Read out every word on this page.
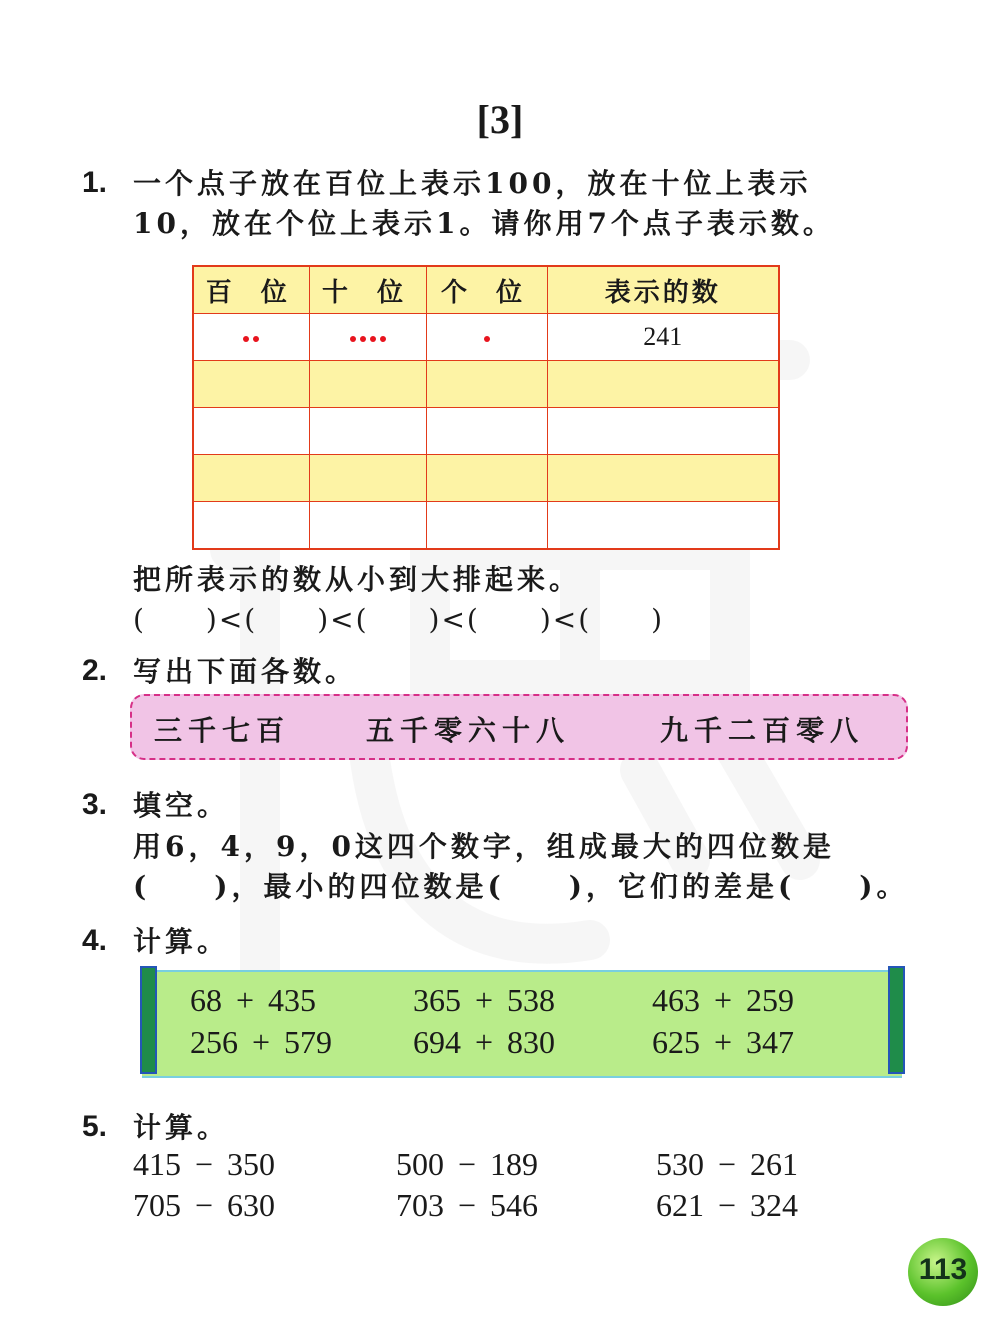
[3]
1. 一个点子放在百位上表示100，放在十位上表示
10，放在个位上表示1。请你用7个点子表示数。
百 位	十 位	个 位	表示的数
			241

把所表示的数从小到大排起来。
(　　)<(　　)<(　　)<(　　)<(　　)
2. 写出下面各数。
三千七百	五千零六十八	九千二百零八
3. 填空。
用6，4，9，0这四个数字，组成最大的四位数是
(　　)，最小的四位数是(　　)，它们的差是(　　)。
4. 计算。
68 + 435	365 + 538	463 + 259
256 + 579	694 + 830	625 + 347
5. 计算。
415 − 350	500 − 189	530 − 261
705 − 630	703 − 546	621 − 324
113
